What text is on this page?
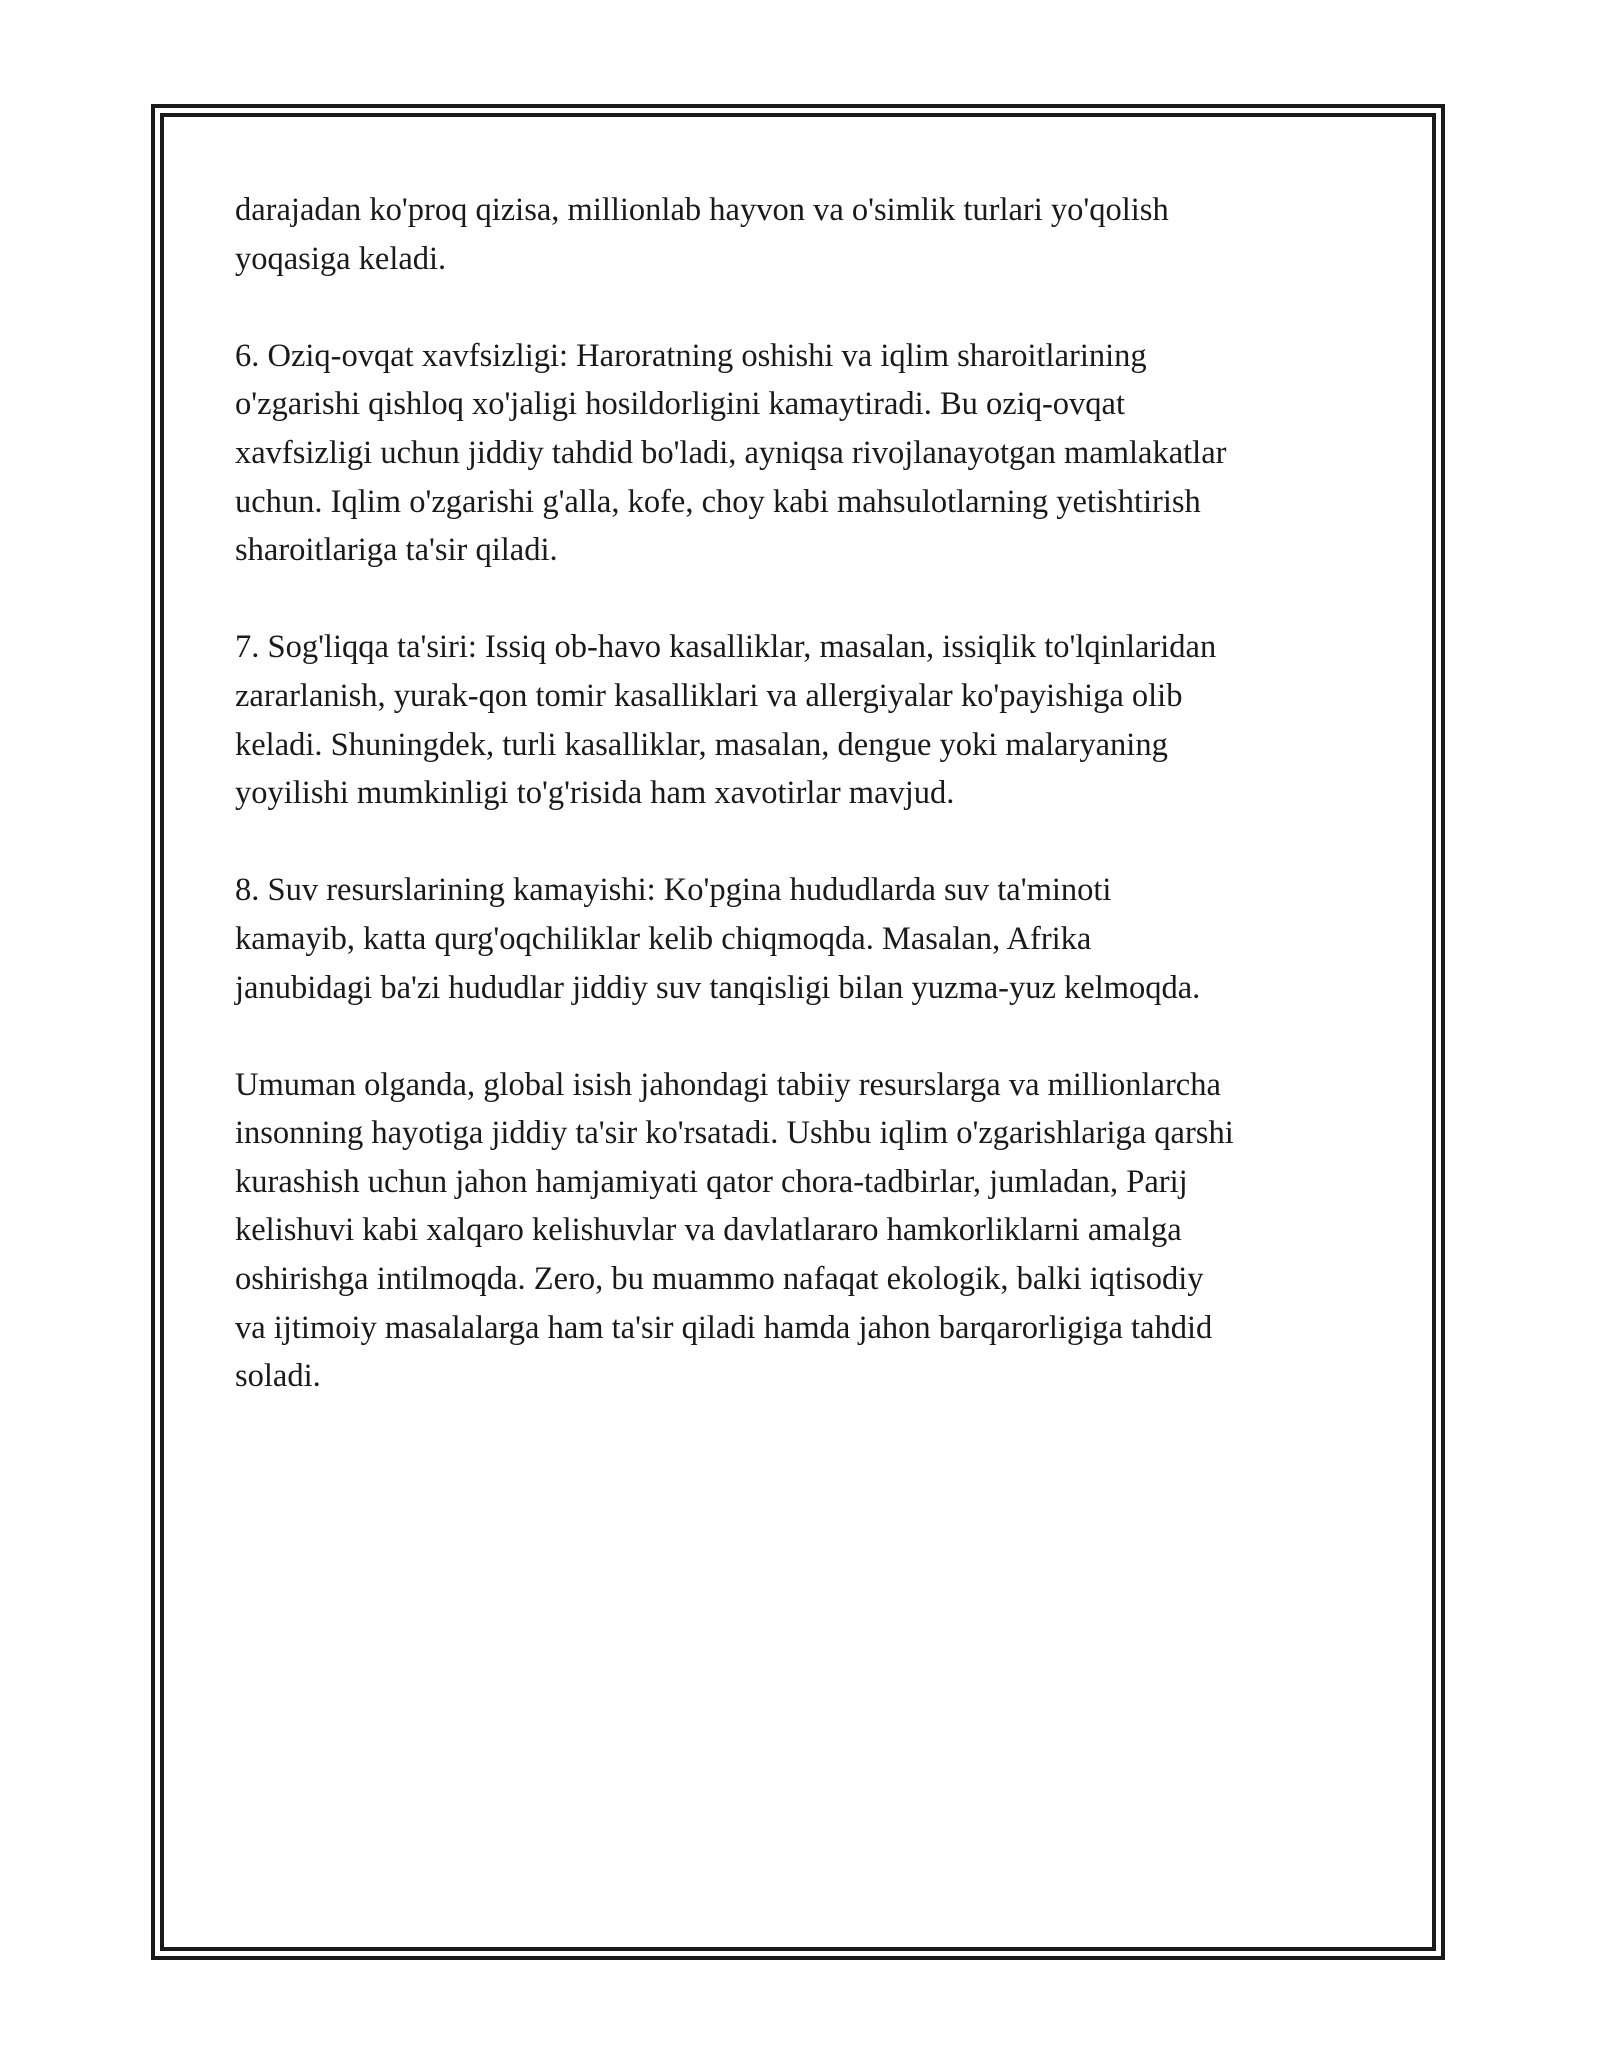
darajadan ko'proq qizisa, millionlab hayvon va o'simlik turlari yo'qolish
yoqasiga keladi.

6. Oziq-ovqat xavfsizligi: Haroratning oshishi va iqlim sharoitlarining
o'zgarishi qishloq xo'jaligi hosildorligini kamaytiradi. Bu oziq-ovqat
xavfsizligi uchun jiddiy tahdid bo'ladi, ayniqsa rivojlanayotgan mamlakatlar
uchun. Iqlim o'zgarishi g'alla, kofe, choy kabi mahsulotlarning yetishtirish
sharoitlariga ta'sir qiladi.

7. Sog'liqqa ta'siri: Issiq ob-havo kasalliklar, masalan, issiqlik to'lqinlaridan
zararlanish, yurak-qon tomir kasalliklari va allergiyalar ko'payishiga olib
keladi. Shuningdek, turli kasalliklar, masalan, dengue yoki malaryaning
yoyilishi mumkinligi to'g'risida ham xavotirlar mavjud.

8. Suv resurslarining kamayishi: Ko'pgina hududlarda suv ta'minoti
kamayib, katta qurg'oqchiliklar kelib chiqmoqda. Masalan, Afrika
janubidagi ba'zi hududlar jiddiy suv tanqisligi bilan yuzma-yuz kelmoqda.

Umuman olganda, global isish jahondagi tabiiy resurslarga va millionlarcha
insonning hayotiga jiddiy ta'sir ko'rsatadi. Ushbu iqlim o'zgarishlariga qarshi
kurashish uchun jahon hamjamiyati qator chora-tadbirlar, jumladan, Parij
kelishuvi kabi xalqaro kelishuvlar va davlatlararo hamkorliklarni amalga
oshirishga intilmoqda. Zero, bu muammo nafaqat ekologik, balki iqtisodiy
va ijtimoiy masalalarga ham ta'sir qiladi hamda jahon barqarorligiga tahdid
soladi.
